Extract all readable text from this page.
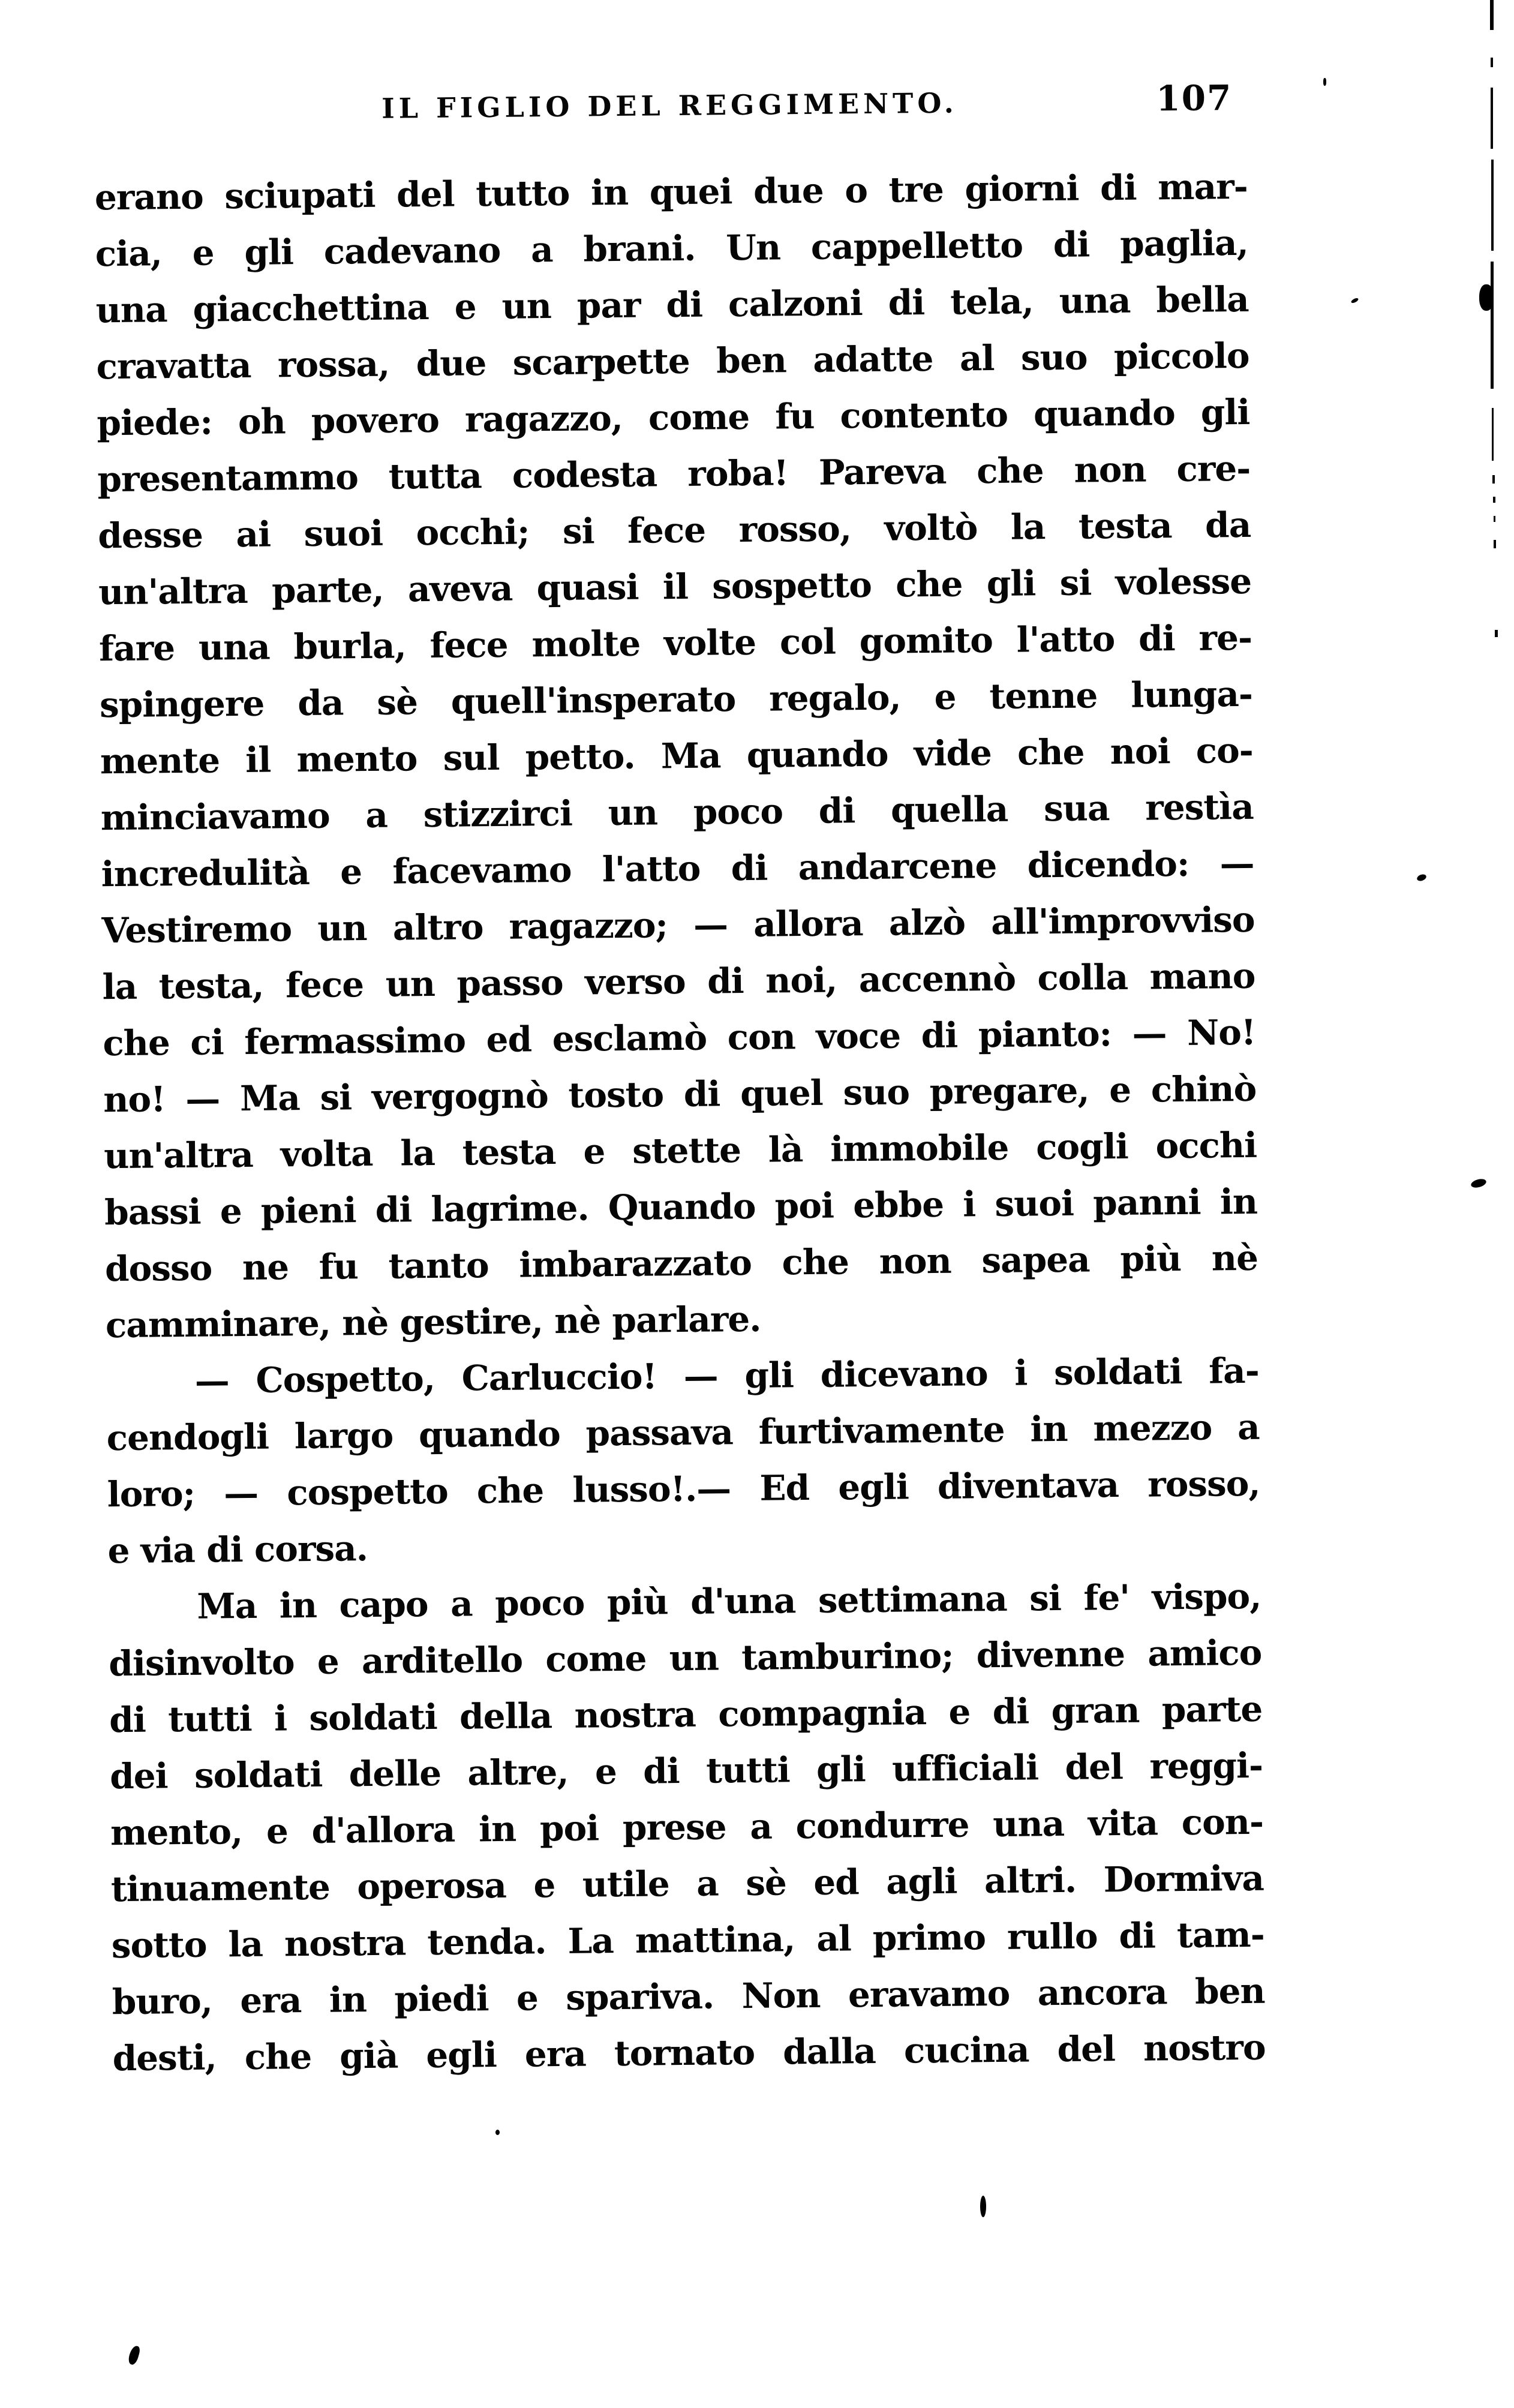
IL FIGLIO DEL REGGIMENTO.	107
erano sciupati del tutto in quei due o tre giorni di mar-
cia, e gli cadevano a brani. Un cappelletto di paglia,
una giacchettina e un par di calzoni di tela, una bella
cravatta rossa, due scarpette ben adatte al suo piccolo
piede: oh povero ragazzo, come fu contento quando gli
presentammo tutta codesta roba! Pareva che non cre-
desse ai suoi occhi; si fece rosso, voltò la testa da
un'altra parte, aveva quasi il sospetto che gli si volesse
fare una burla, fece molte volte col gomito l'atto di re-
spingere da sè quell'insperato regalo, e tenne lunga-
mente il mento sul petto. Ma quando vide che noi co-
minciavamo a stizzirci un poco di quella sua restìa
incredulità e facevamo l'atto di andarcene dicendo: —
Vestiremo un altro ragazzo; — allora alzò all'improvviso
la testa, fece un passo verso di noi, accennò colla mano
che ci fermassimo ed esclamò con voce di pianto: — No!
no! — Ma si vergognò tosto di quel suo pregare, e chinò
un'altra volta la testa e stette là immobile cogli occhi
bassi e pieni di lagrime. Quando poi ebbe i suoi panni in
dosso ne fu tanto imbarazzato che non sapea più nè
camminare, nè gestire, nè parlare.
— Cospetto, Carluccio! — gli dicevano i soldati fa-
cendogli largo quando passava furtivamente in mezzo a
loro; — cospetto che lusso!.— Ed egli diventava rosso,
e via di corsa.
Ma in capo a poco più d'una settimana si fe' vispo,
disinvolto e arditello come un tamburino; divenne amico
di tutti i soldati della nostra compagnia e di gran parte
dei soldati delle altre, e di tutti gli ufficiali del reggi-
mento, e d'allora in poi prese a condurre una vita con-
tinuamente operosa e utile a sè ed agli altri. Dormiva
sotto la nostra tenda. La mattina, al primo rullo di tam-
buro, era in piedi e spariva. Non eravamo ancora ben
desti, che già egli era tornato dalla cucina del nostro
